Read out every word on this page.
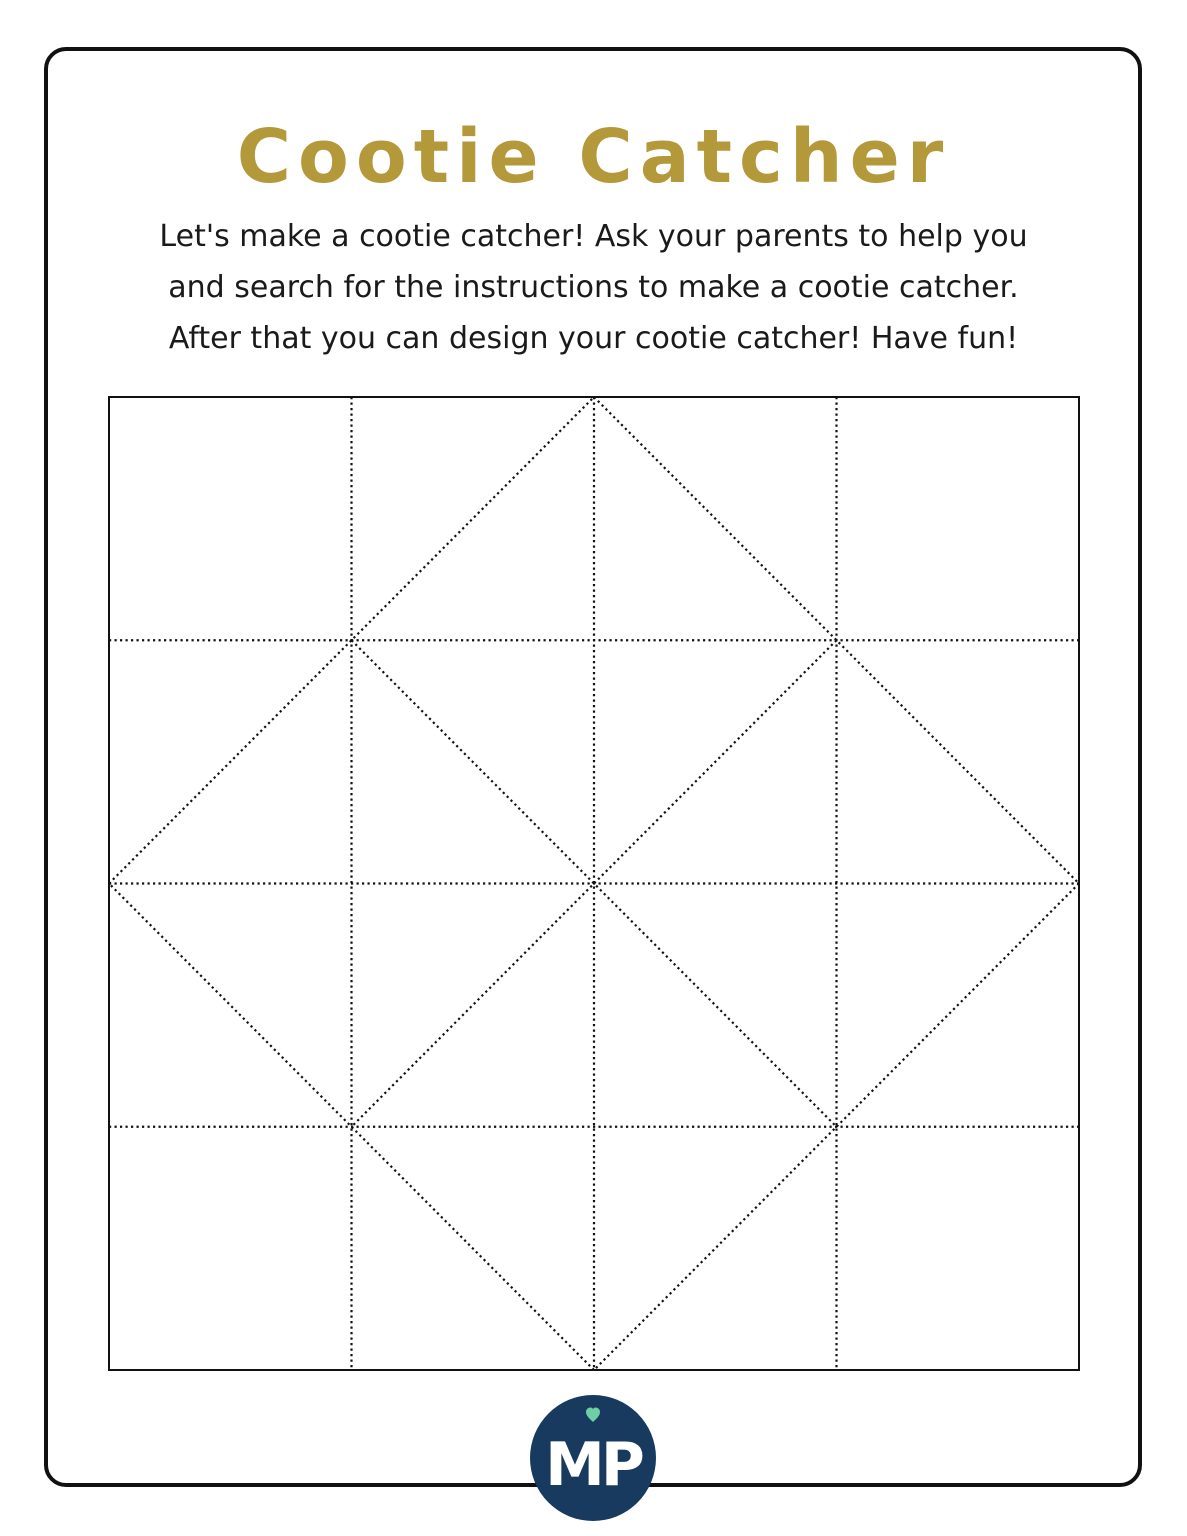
Cootie Catcher

Let's make a cootie catcher! Ask your parents to help you
and search for the instructions to make a cootie catcher.
After that you can design your cootie catcher! Have fun!

MP
